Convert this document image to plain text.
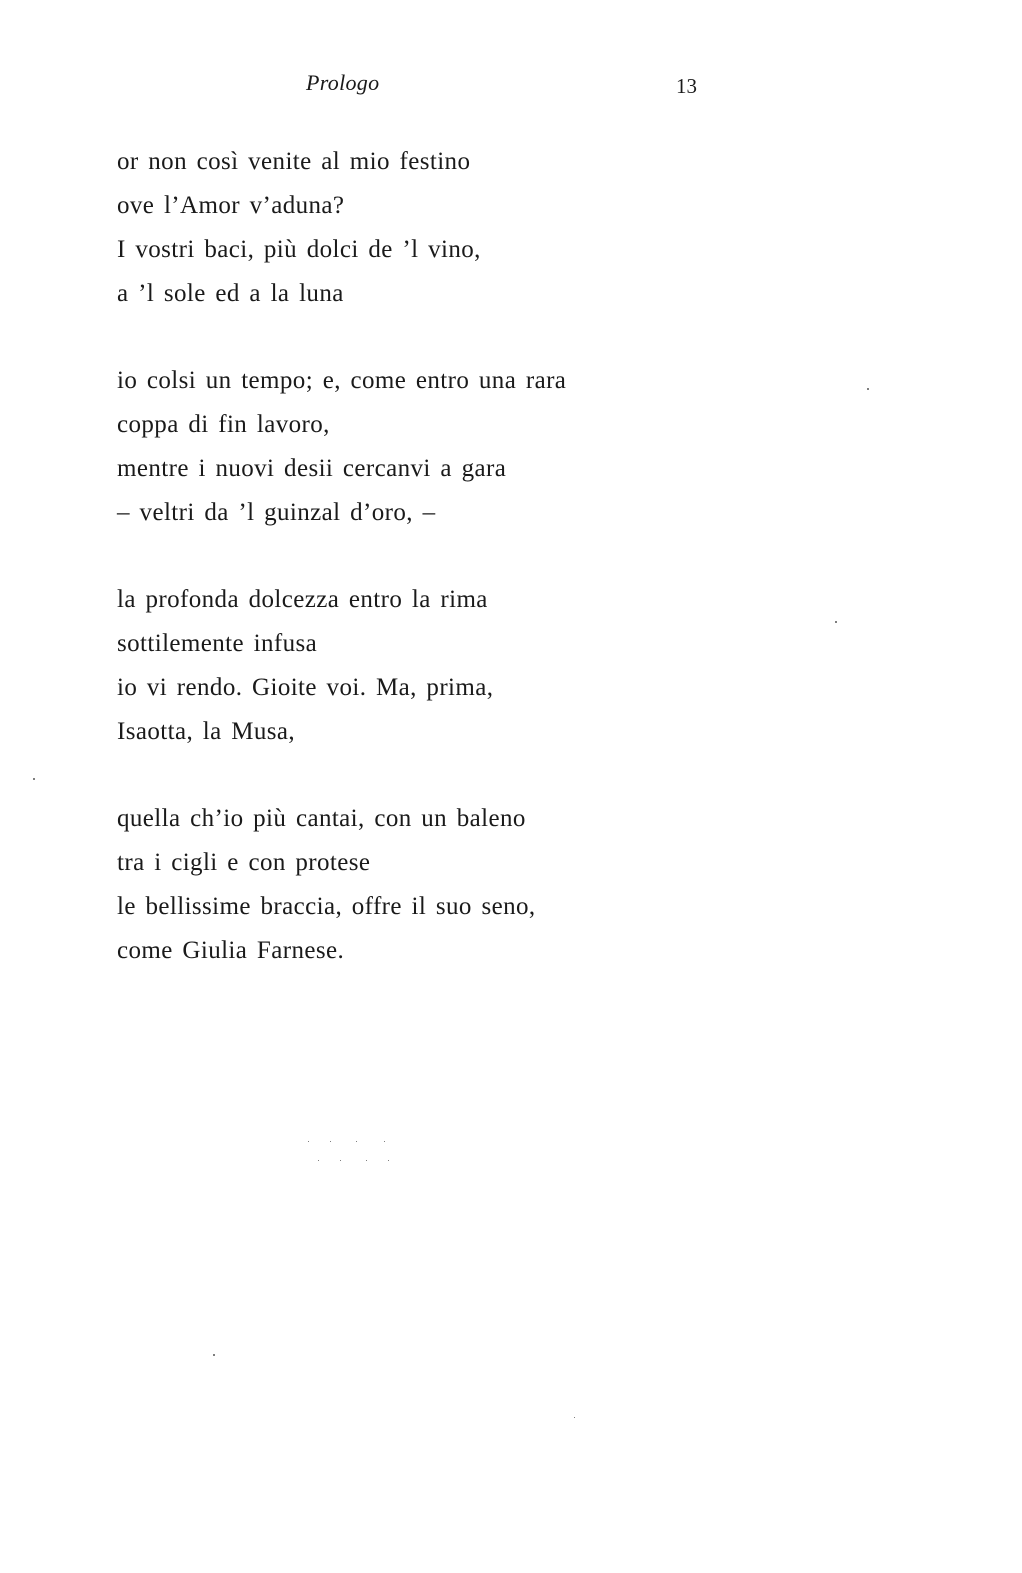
Prologo	13
or non così venite al mio festino
ove l’Amor v’aduna?
I vostri baci, più dolci de ’l vino,
a ’l sole ed a la luna
io colsi un tempo; e, come entro una rara
coppa di fin lavoro,
mentre i nuovi desii cercanvi a gara
– veltri da ’l guinzal d’oro, –
la profonda dolcezza entro la rima
sottilemente infusa
io vi rendo. Gioite voi. Ma, prima,
Isaotta, la Musa,
quella ch’io più cantai, con un baleno
tra i cigli e con protese
le bellissime braccia, offre il suo seno,
come Giulia Farnese.
